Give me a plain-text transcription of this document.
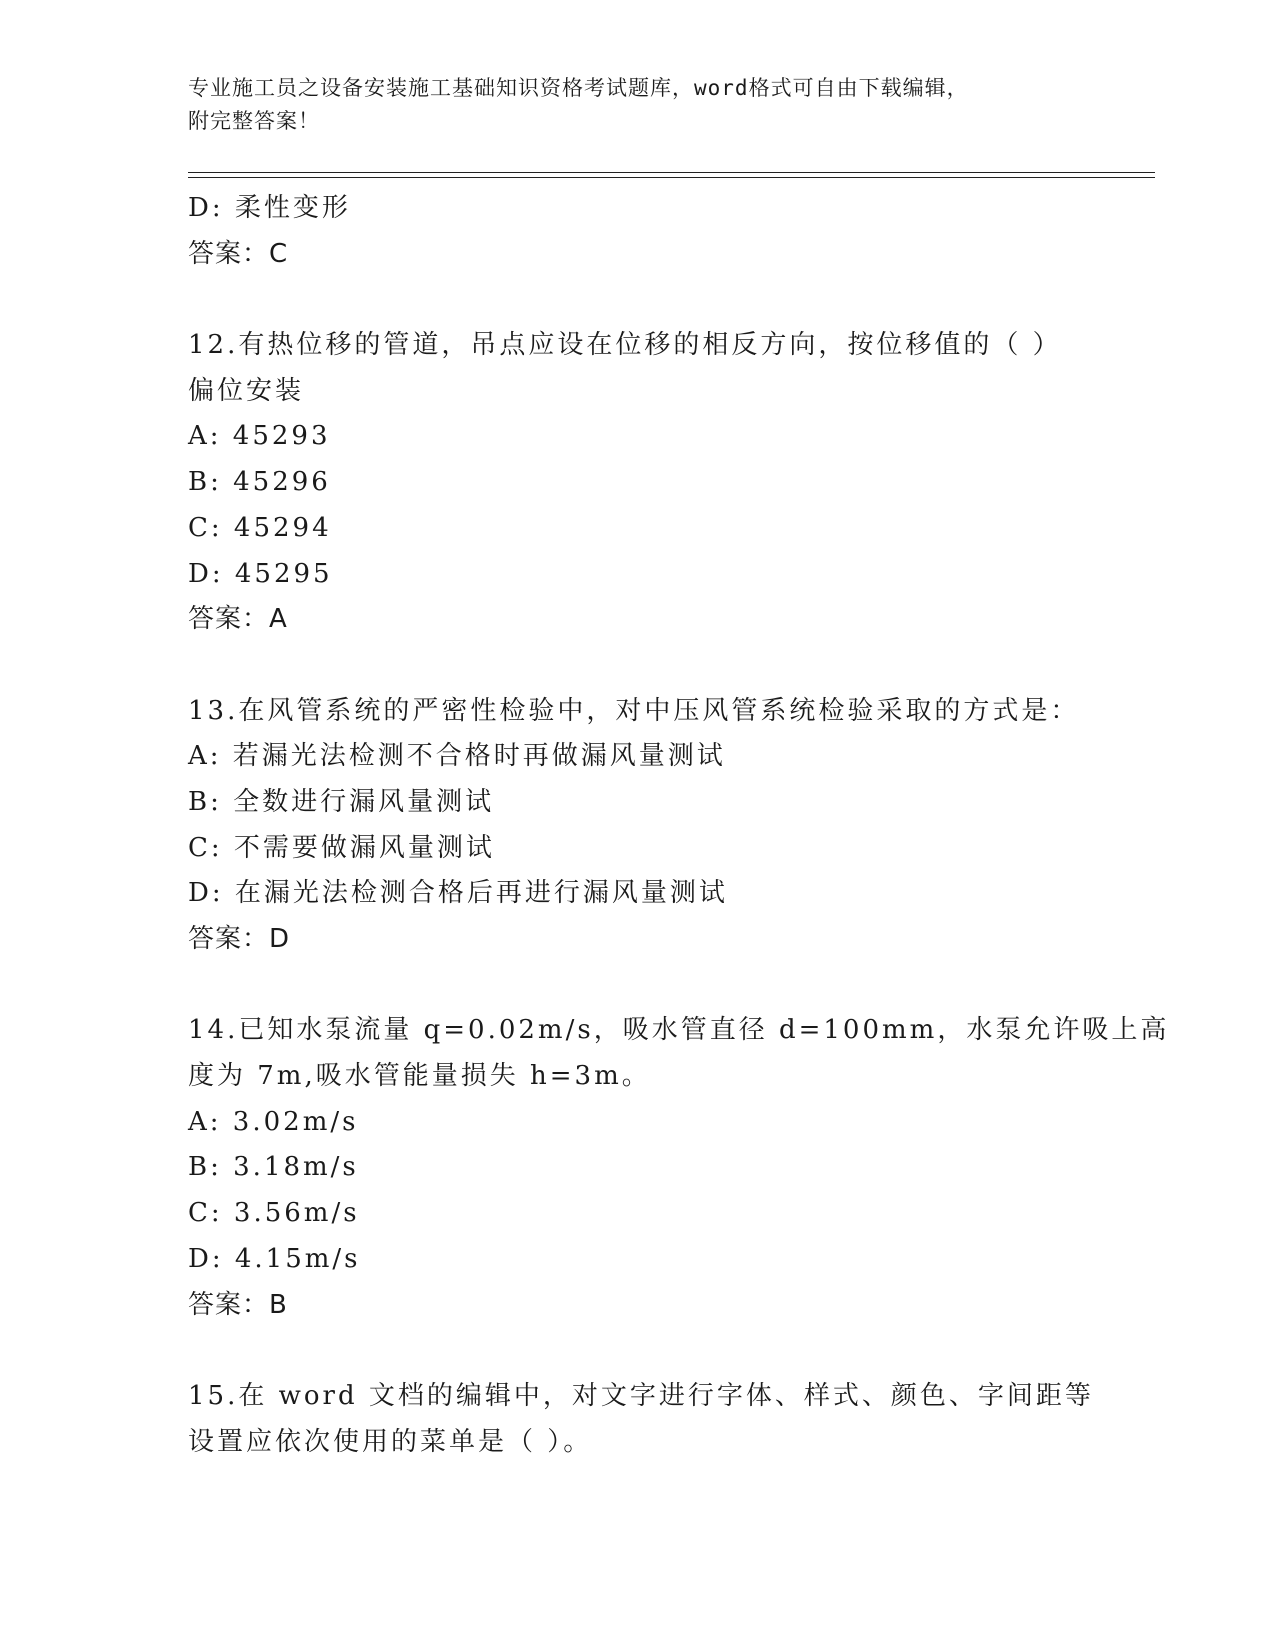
专业施工员之设备安装施工基础知识资格考试题库，word格式可自由下载编辑，
附完整答案！
D: 柔性变形
答案：C
12.有热位移的管道，吊点应设在位移的相反方向，按位移值的（ ）
偏位安装
A: 45293
B: 45296
C: 45294
D: 45295
答案：A
13.在风管系统的严密性检验中，对中压风管系统检验采取的方式是：
A: 若漏光法检测不合格时再做漏风量测试
B: 全数进行漏风量测试
C: 不需要做漏风量测试
D: 在漏光法检测合格后再进行漏风量测试
答案：D
14.已知水泵流量 q=0.02m/s，吸水管直径 d=100mm，水泵允许吸上高
度为 7m,吸水管能量损失 h=3m。
A: 3.02m/s
B: 3.18m/s
C: 3.56m/s
D: 4.15m/s
答案：B
15.在 word 文档的编辑中，对文字进行字体、样式、颜色、字间距等
设置应依次使用的菜单是（ ）。
